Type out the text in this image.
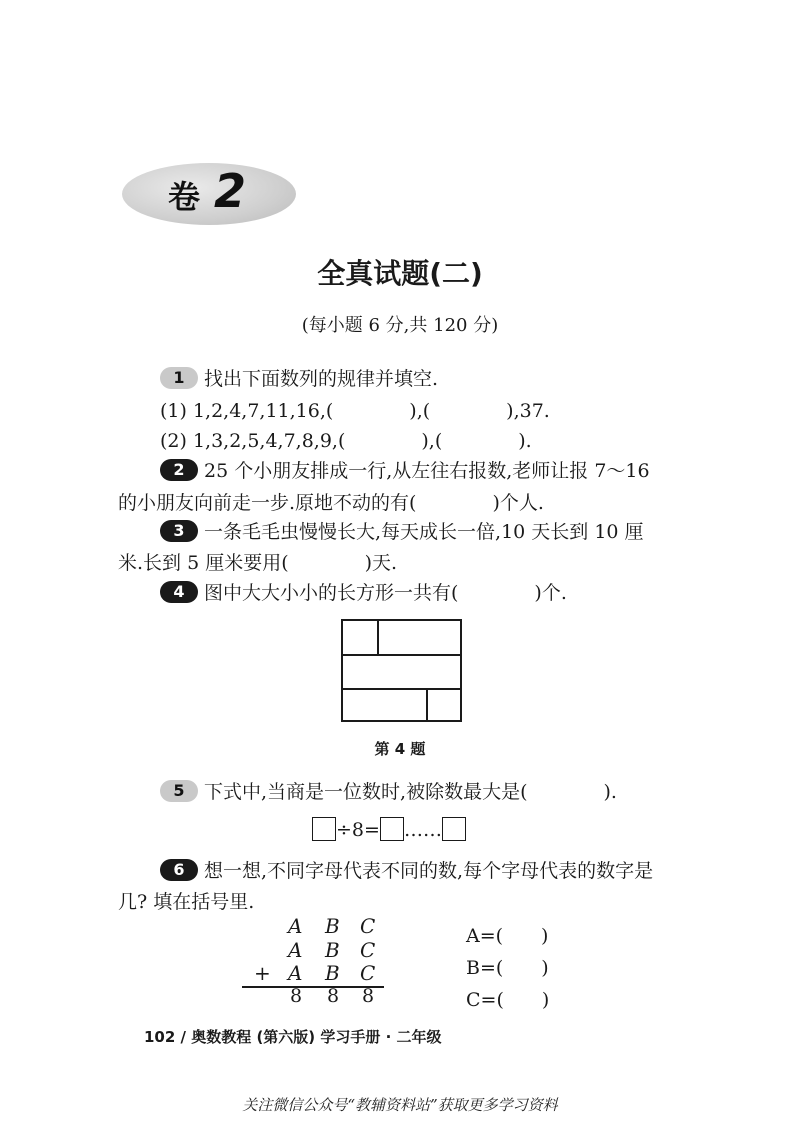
卷 2
全真试题(二)
(每小题 6 分,共 120 分)
1 找出下面数列的规律并填空.
(1) 1,2,4,7,11,16,(　　　　),(　　　　),37.
(2) 1,3,2,5,4,7,8,9,(　　　　),(　　　　).
2 25 个小朋友排成一行,从左往右报数,老师让报 7～16
的小朋友向前走一步.原地不动的有(　　　　)个人.
3 一条毛毛虫慢慢长大,每天成长一倍,10 天长到 10 厘
米.长到 5 厘米要用(　　　　)天.
4 图中大大小小的长方形一共有(　　　　)个.
第 4 题
5 下式中,当商是一位数时,被除数最大是(　　　　).
÷8= ……
6 想一想,不同字母代表不同的数,每个字母代表的数字是
几? 填在括号里.
A B C
A B C
+ A B C
8 8 8
A=(　　)
B=(　　)
C=(　　)
102 / 奥数教程 (第六版) 学习手册 · 二年级
关注微信公众号“教辅资料站”获取更多学习资料
